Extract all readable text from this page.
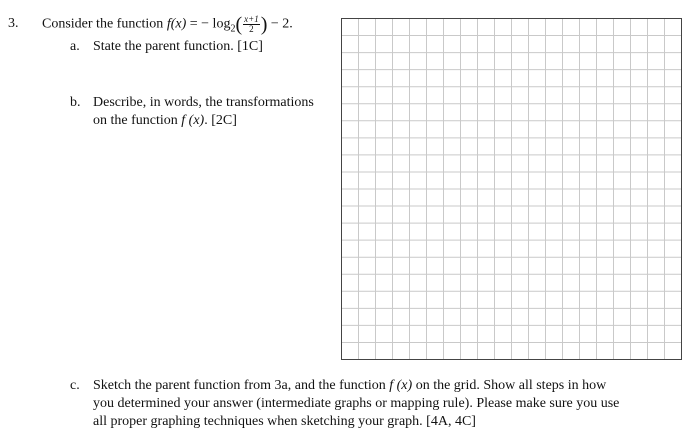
3. Consider the function f(x) = − $\log_2( \frac{x+1}{2}$ ) − 2.
a. State the parent function. [1C]
b. Describe, in words, the transformations
on the function f (x). [2C]
c. Sketch the parent function from 3a, and the function f (x) on the grid. Show all steps in how
you determined your answer (intermediate graphs or mapping rule). Please make sure you use
all proper graphing techniques when sketching your graph. [4A, 4C]
